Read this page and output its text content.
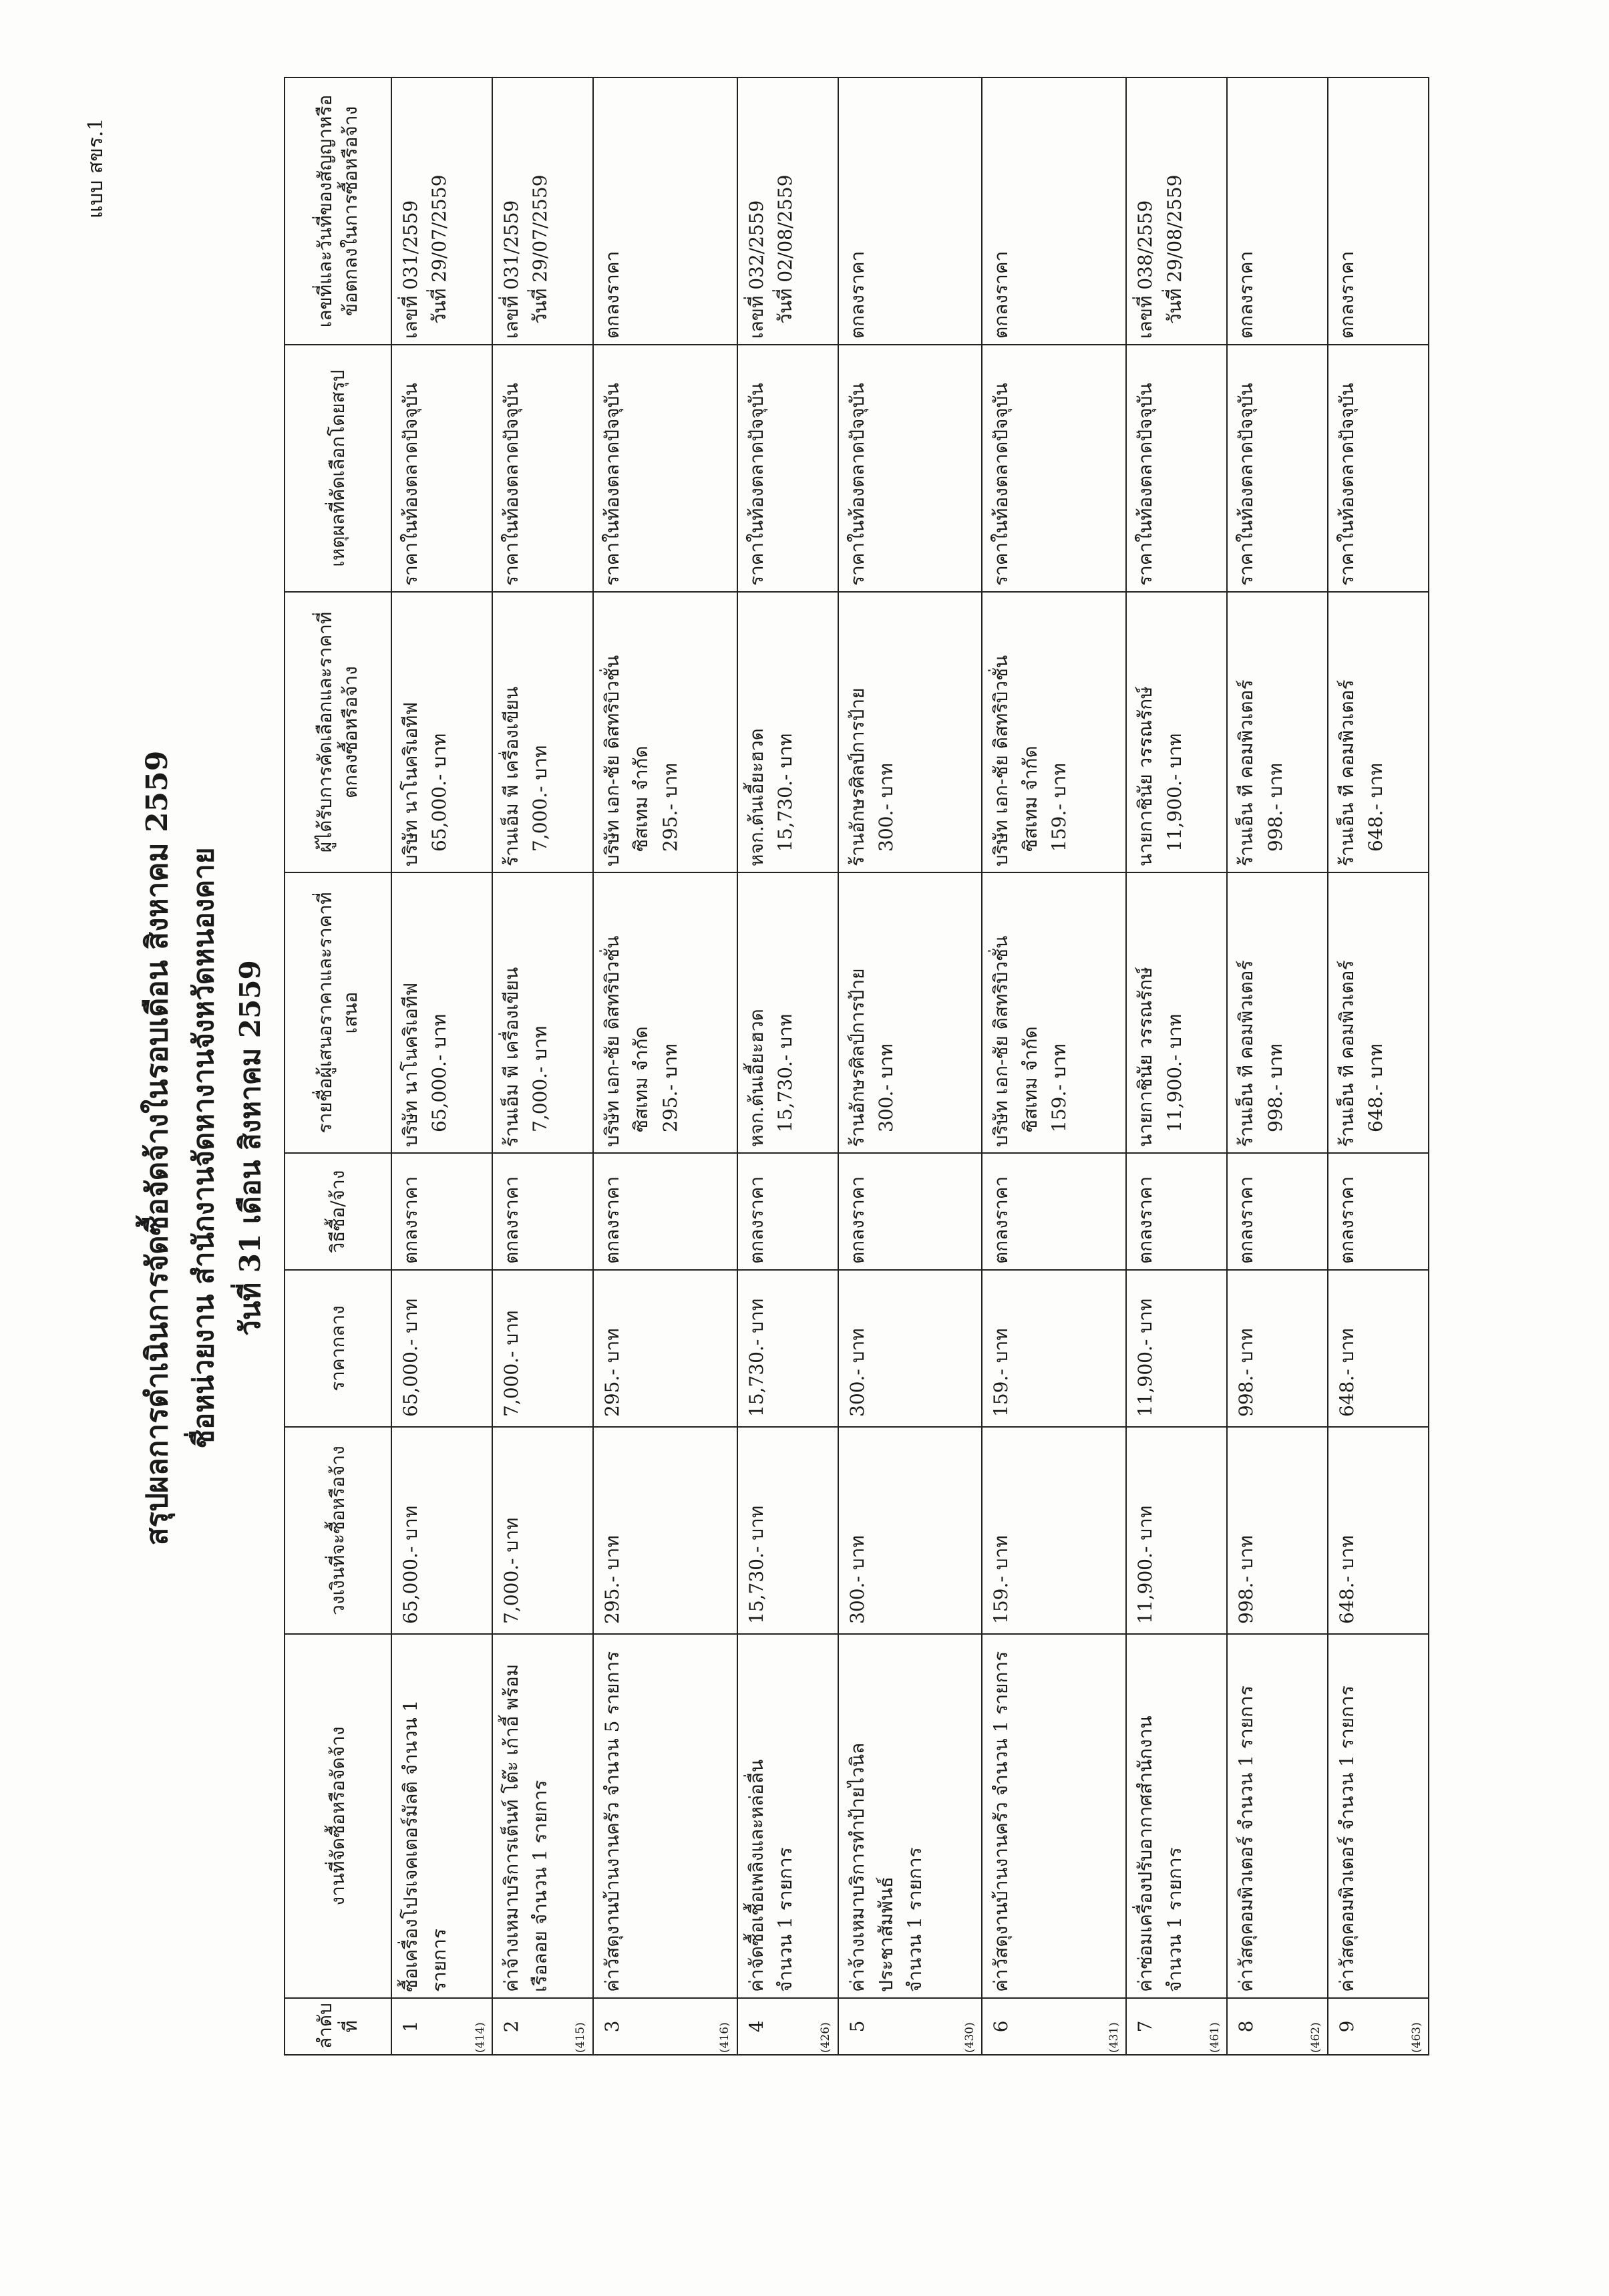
แบบ สขร.1
สรุปผลการดำเนินการจัดซื้อจัดจ้างในรอบเดือน สิงหาคม 2559 ชื่อหน่วยงาน สำนักงานจัดหางานจังหวัดหนองคาย วันที่ 31 เดือน สิงหาคม 2559
ลำดับที่	งานที่จัดซื้อหรือจัดจ้าง	วงเงินที่จะซื้อหรือจ้าง	ราคากลาง	วิธีซื้อ/จ้าง	รายชื่อผู้เสนอราคาและราคาที่เสนอ	ผู้ได้รับการคัดเลือกและราคาที่ตกลงซื้อหรือจ้าง	เหตุผลที่คัดเลือกโดยสรุป	เลขที่และวันที่ของสัญญาหรือข้อตกลงในการซื้อหรือจ้าง
1 (414)	ซื้อเครื่องโปรเจคเตอร์มัลติ จำนวน 1 รายการ	65,000.- บาท	65,000.- บาท	ตกลงราคา	บริษัท นาโนคริเอทีฟ 65,000.- บาท	บริษัท นาโนคริเอทีฟ 65,000.- บาท	ราคาในท้องตลาดปัจจุบัน	เลขที่ 031/2559 วันที่ 29/07/2559

2 (415)	ค่าจ้างเหมาบริการเต็นท์ โต๊ะ เก้าอี้ พร้อม เรือลอย จำนวน 1 รายการ	7,000.- บาท	7,000.- บาท	ตกลงราคา	ร้านเอ็ม พี เครื่องเขียน 7,000.- บาท	ร้านเอ็ม พี เครื่องเขียน 7,000.- บาท	ราคาในท้องตลาดปัจจุบัน	เลขที่ 031/2559 วันที่ 29/07/2559

3 (416)	ค่าวัสดุงานบ้านงานครัว จำนวน 5 รายการ	295.- บาท	295.- บาท	ตกลงราคา	บริษัท เอก-ชัย ดิสทริบิวชั่น ซิสเทม จำกัด 295.- บาท	บริษัท เอก-ชัย ดิสทริบิวชั่น ซิสเทม จำกัด 295.- บาท	ราคาในท้องตลาดปัจจุบัน	ตกลงราคา

4 (426)	ค่าจัดซื้อเชื้อเพลิงและหล่อลื่น จำนวน 1 รายการ	15,730.- บาท	15,730.- บาท	ตกลงราคา	หจก.ต้นเอี้ยะฮวด 15,730.- บาท	หจก.ต้นเอี้ยะฮวด 15,730.- บาท	ราคาในท้องตลาดปัจจุบัน	เลขที่ 032/2559 วันที่ 02/08/2559

5 (430)	ค่าจ้างเหมาบริการทำป้ายไวนิลประชาสัมพันธ์ จำนวน 1 รายการ	300.- บาท	300.- บาท	ตกลงราคา	ร้านอักษรศิลป์การป้าย 300.- บาท	ร้านอักษรศิลป์การป้าย 300.- บาท	ราคาในท้องตลาดปัจจุบัน	ตกลงราคา

6 (431)	ค่าวัสดุงานบ้านงานครัว จำนวน 1 รายการ	159.- บาท	159.- บาท	ตกลงราคา	บริษัท เอก-ชัย ดิสทริบิวชั่น ซิสเทม จำกัด 159.- บาท	บริษัท เอก-ชัย ดิสทริบิวชั่น ซิสเทม จำกัด 159.- บาท	ราคาในท้องตลาดปัจจุบัน	ตกลงราคา

7 (461)	ค่าซ่อมเครื่องปรับอากาศสำนักงาน จำนวน 1 รายการ	11,900.- บาท	11,900.- บาท	ตกลงราคา	นายกาชินัย วรรณรักษ์ 11,900.- บาท	นายกาชินัย วรรณรักษ์ 11,900.- บาท	ราคาในท้องตลาดปัจจุบัน	เลขที่ 038/2559 วันที่ 29/08/2559

8 (462)	ค่าวัสดุคอมพิวเตอร์ จำนวน 1 รายการ	998.- บาท	998.- บาท	ตกลงราคา	ร้านเอ็น ที คอมพิวเตอร์ 998.- บาท	ร้านเอ็น ที คอมพิวเตอร์ 998.- บาท	ราคาในท้องตลาดปัจจุบัน	ตกลงราคา

9 (463)	ค่าวัสดุคอมพิวเตอร์ จำนวน 1 รายการ	648.- บาท	648.- บาท	ตกลงราคา	ร้านเอ็น ที คอมพิวเตอร์ 648.- บาท	ร้านเอ็น ที คอมพิวเตอร์ 648.- บาท	ราคาในท้องตลาดปัจจุบัน	ตกลงราคา
